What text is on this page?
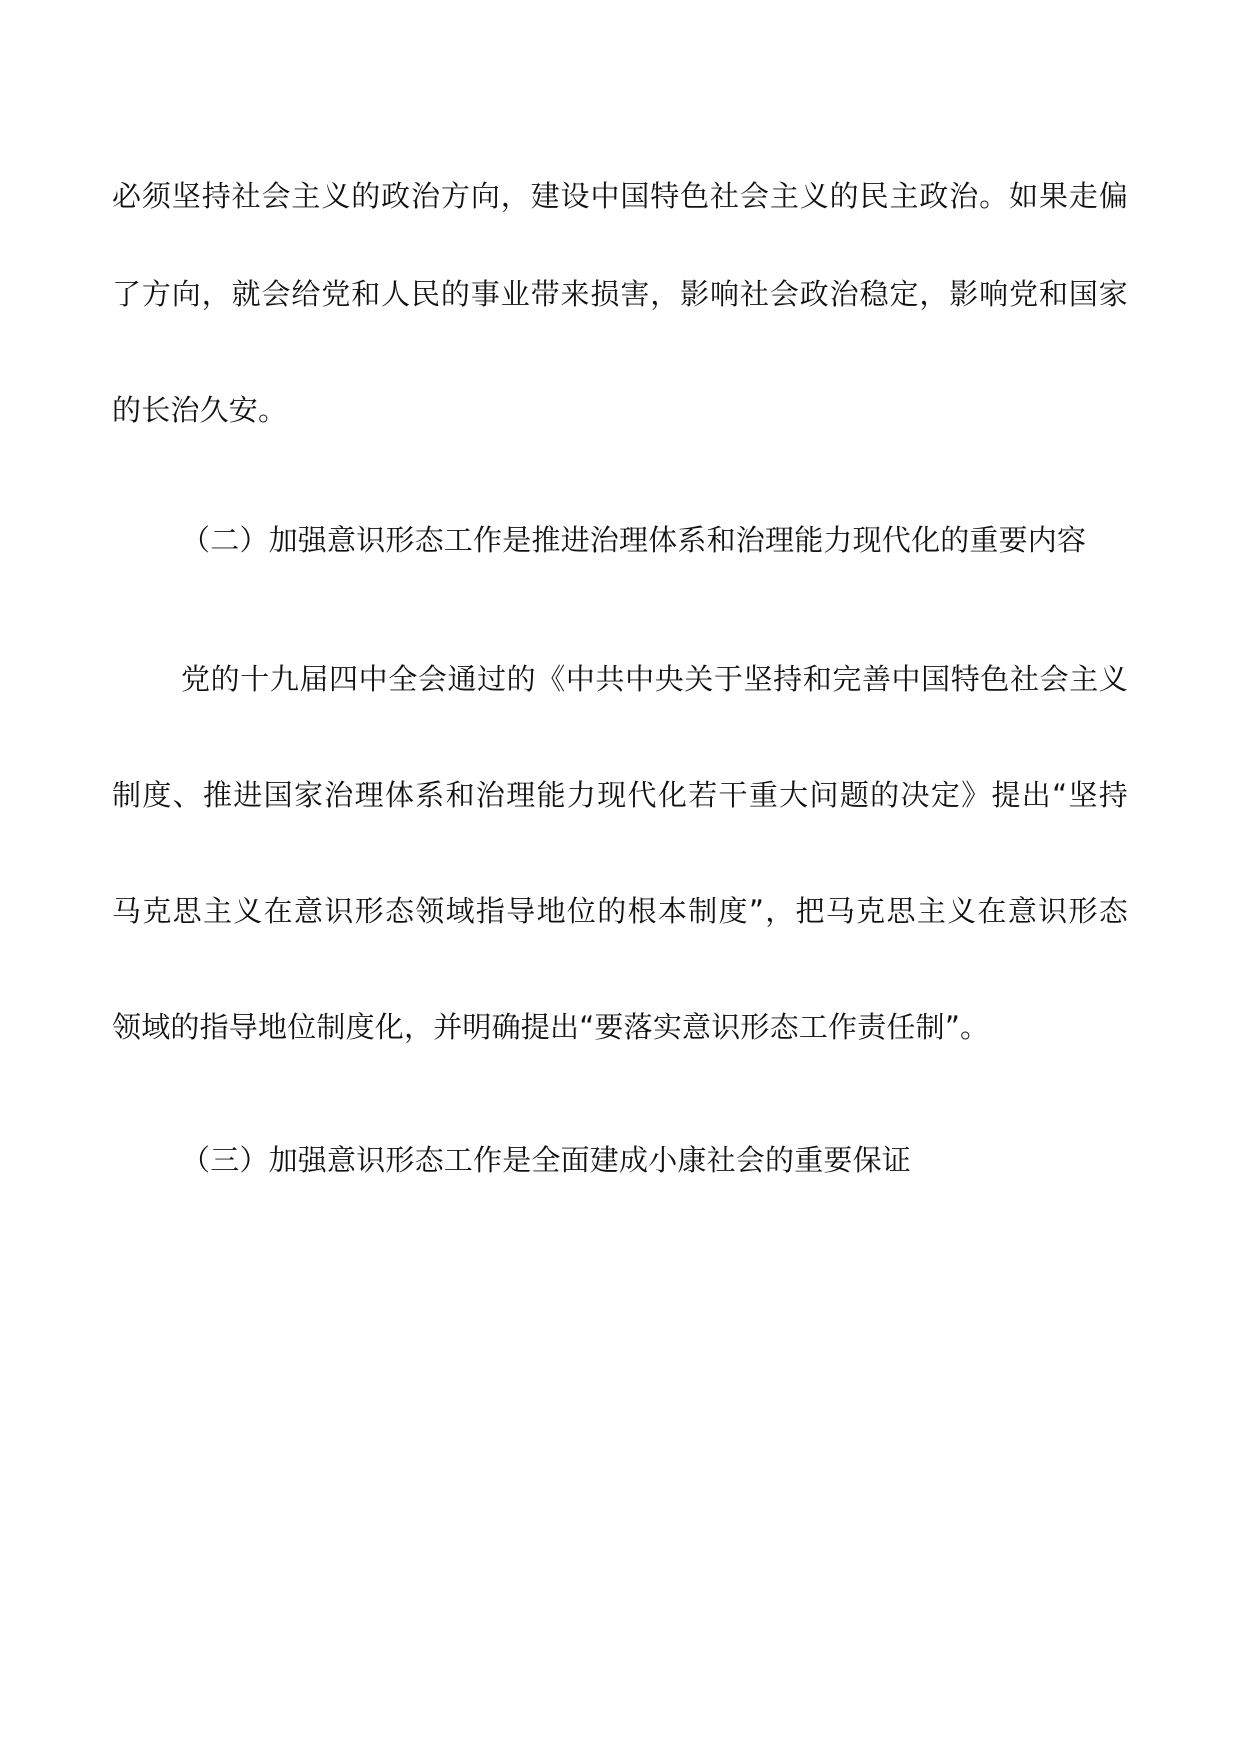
必须坚持社会主义的政治方向，建设中国特色社会主义的民主政治。如果走偏
了方向，就会给党和人民的事业带来损害，影响社会政治稳定，影响党和国家
的长治久安。
（二）加强意识形态工作是推进治理体系和治理能力现代化的重要内容
党的十九届四中全会通过的《中共中央关于坚持和完善中国特色社会主义
制度、推进国家治理体系和治理能力现代化若干重大问题的决定》提出“坚持
马克思主义在意识形态领域指导地位的根本制度”，把马克思主义在意识形态
领域的指导地位制度化，并明确提出“要落实意识形态工作责任制”。
（三）加强意识形态工作是全面建成小康社会的重要保证
